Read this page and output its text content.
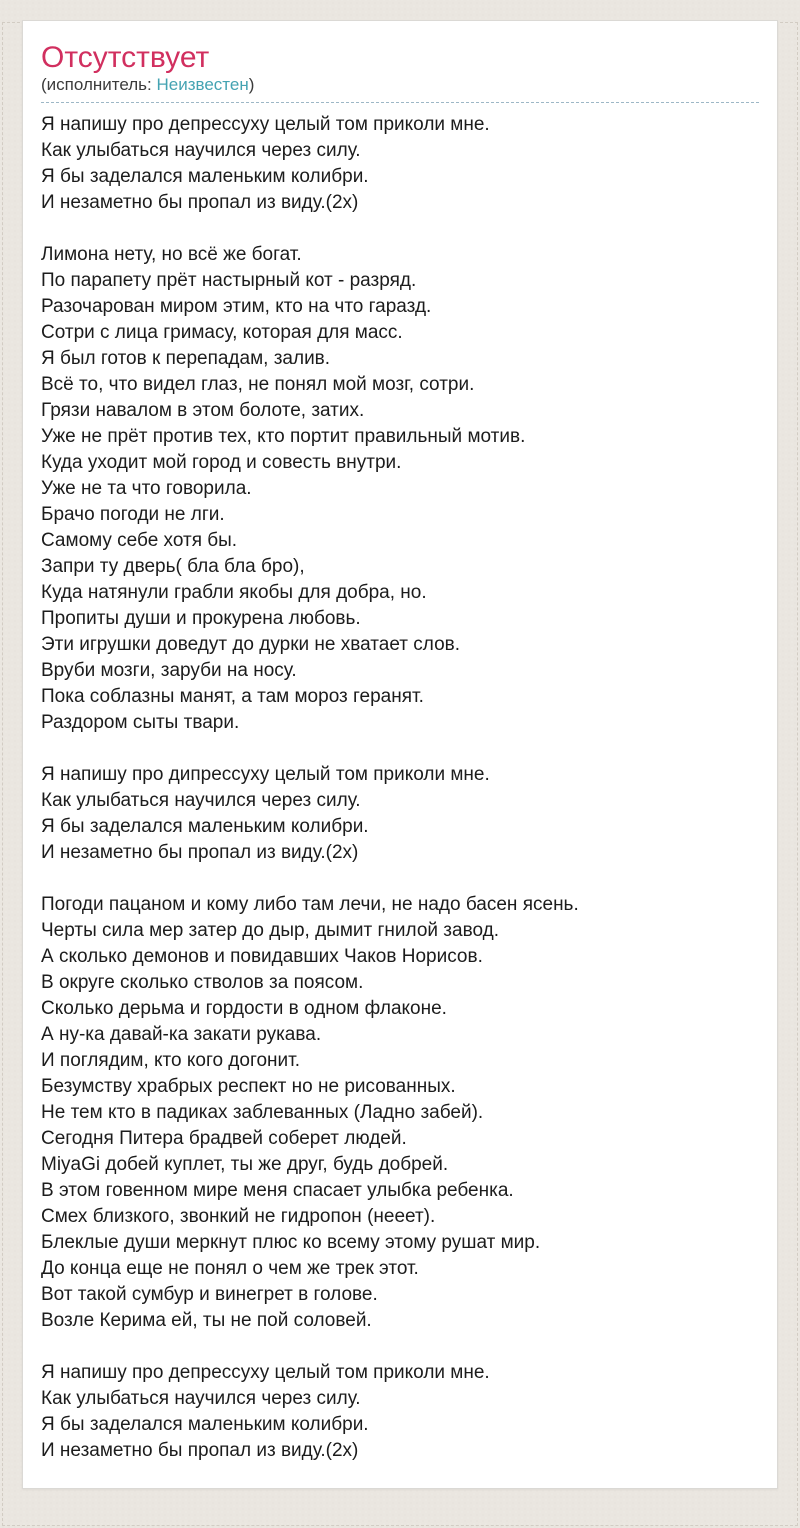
Отсутствует
(исполнитель: Неизвестен)
Я напишу про депрессуху целый том приколи мне.
Как улыбаться научился через силу.
Я бы заделался маленьким колибри.
И незаметно бы пропал из виду.(2x)
Лимона нету, но всё же богат.
По парапету прёт настырный кот - разряд.
Разочарован миром этим, кто на что гаразд.
Сотри с лица гримасу, которая для масс.
Я был готов к перепадам, залив.
Всё то, что видел глаз, не понял мой мозг, сотри.
Грязи навалом в этом болоте, затих.
Уже не прёт против тех, кто портит правильный мотив.
Куда уходит мой город и совесть внутри.
Уже не та что говорила.
Брачо погоди не лги.
Самому себе хотя бы.
Запри ту дверь( бла бла бро),
Куда натянули грабли якобы для добра, но.
Пропиты души и прокурена любовь.
Эти игрушки доведут до дурки не хватает слов.
Вруби мозги, заруби на носу.
Пока соблазны манят, а там мороз геранят.
Раздором сыты твари.
Я напишу про дипрессуху целый том приколи мне.
Как улыбаться научился через силу.
Я бы заделался маленьким колибри.
И незаметно бы пропал из виду.(2x)
Погоди пацаном и кому либо там лечи, не надо басен ясень.
Черты сила мер затер до дыр, дымит гнилой завод.
А сколько демонов и повидавших Чаков Норисов.
В округе сколько стволов за поясом.
Сколько дерьма и гордости в одном флаконе.
А ну-ка давай-ка закати рукава.
И поглядим, кто кого догонит.
Безумству храбрых респект но не рисованных.
Не тем кто в падиках заблеванных (Ладно забей).
Сегодня Питера брадвей соберет людей.
MiyaGi добей куплет, ты же друг, будь добрей.
В этом говенном мире меня спасает улыбка ребенка.
Смех близкого, звонкий не гидропон (нееет).
Блеклые души меркнут плюс ко всему этому рушат мир.
До конца еще не понял о чем же трек этот.
Вот такой сумбур и винегрет в голове.
Возле Керима ей, ты не пой соловей.
Я напишу про депрессуху целый том приколи мне.
Как улыбаться научился через силу.
Я бы заделался маленьким колибри.
И незаметно бы пропал из виду.(2x)
